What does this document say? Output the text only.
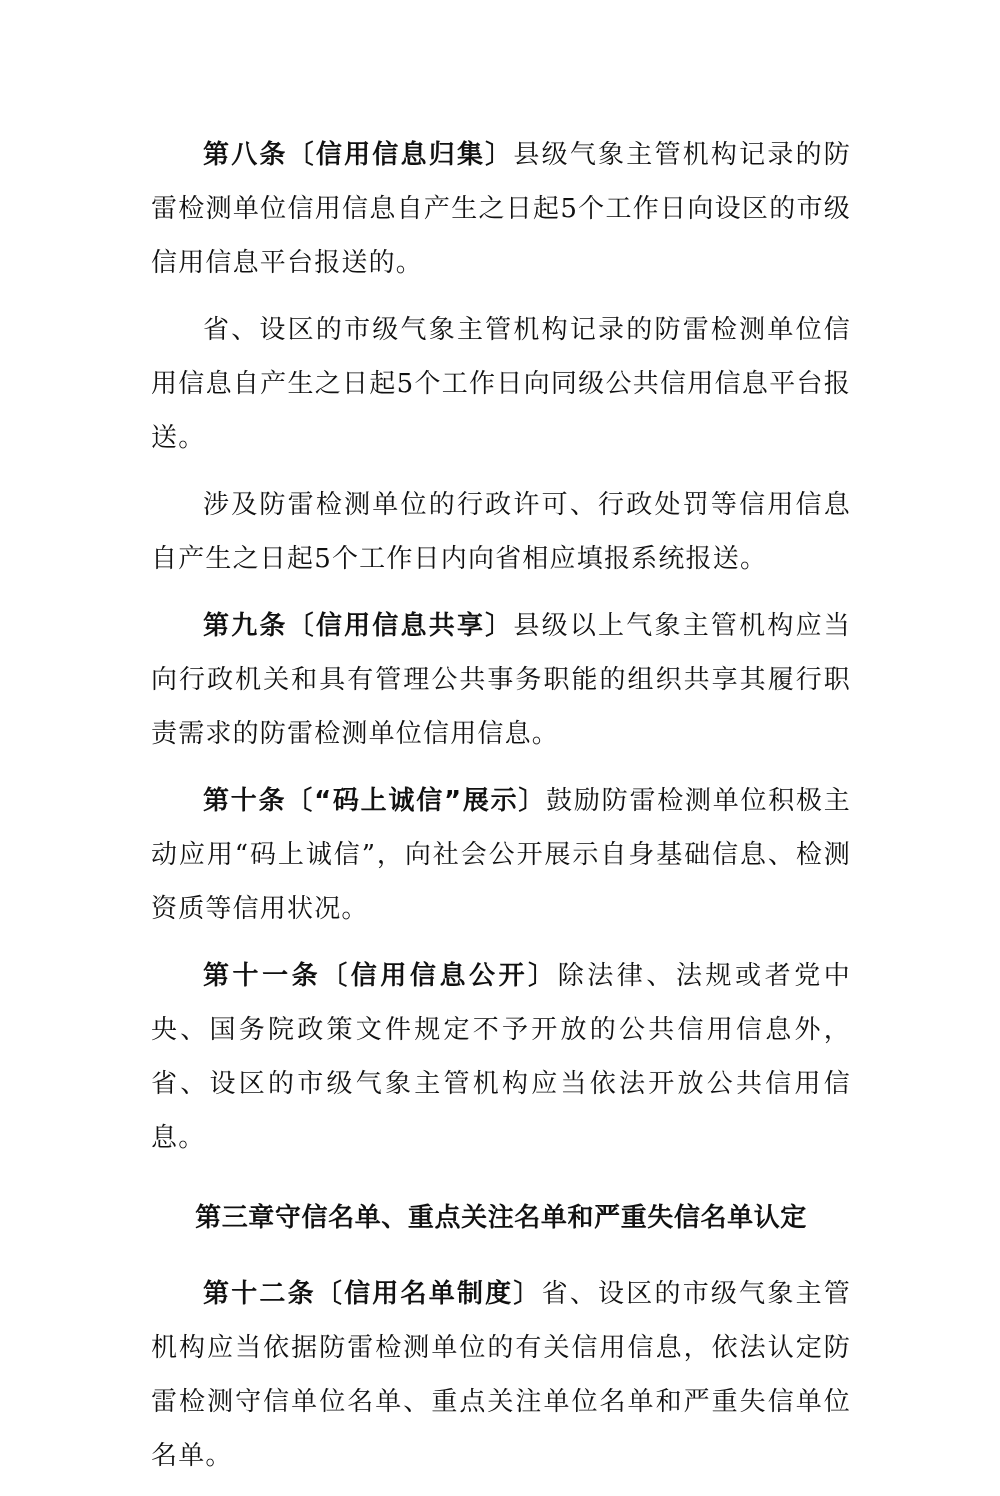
第八条〔信用信息归集〕县级气象主管机构记录的防雷检测单位信用信息自产生之日起5个工作日向设区的市级信用信息平台报送的。

省、设区的市级气象主管机构记录的防雷检测单位信用信息自产生之日起5个工作日向同级公共信用信息平台报送。

涉及防雷检测单位的行政许可、行政处罚等信用信息自产生之日起5个工作日内向省相应填报系统报送。

第九条〔信用信息共享〕县级以上气象主管机构应当向行政机关和具有管理公共事务职能的组织共享其履行职责需求的防雷检测单位信用信息。

第十条〔“码上诚信”展示〕鼓励防雷检测单位积极主动应用“码上诚信”，向社会公开展示自身基础信息、检测资质等信用状况。

第十一条〔信用信息公开〕除法律、法规或者党中央、国务院政策文件规定不予开放的公共信用信息外，省、设区的市级气象主管机构应当依法开放公共信用信息。

第三章守信名单、重点关注名单和严重失信名单认定

第十二条〔信用名单制度〕省、设区的市级气象主管机构应当依据防雷检测单位的有关信用信息，依法认定防雷检测守信单位名单、重点关注单位名单和严重失信单位名单。
